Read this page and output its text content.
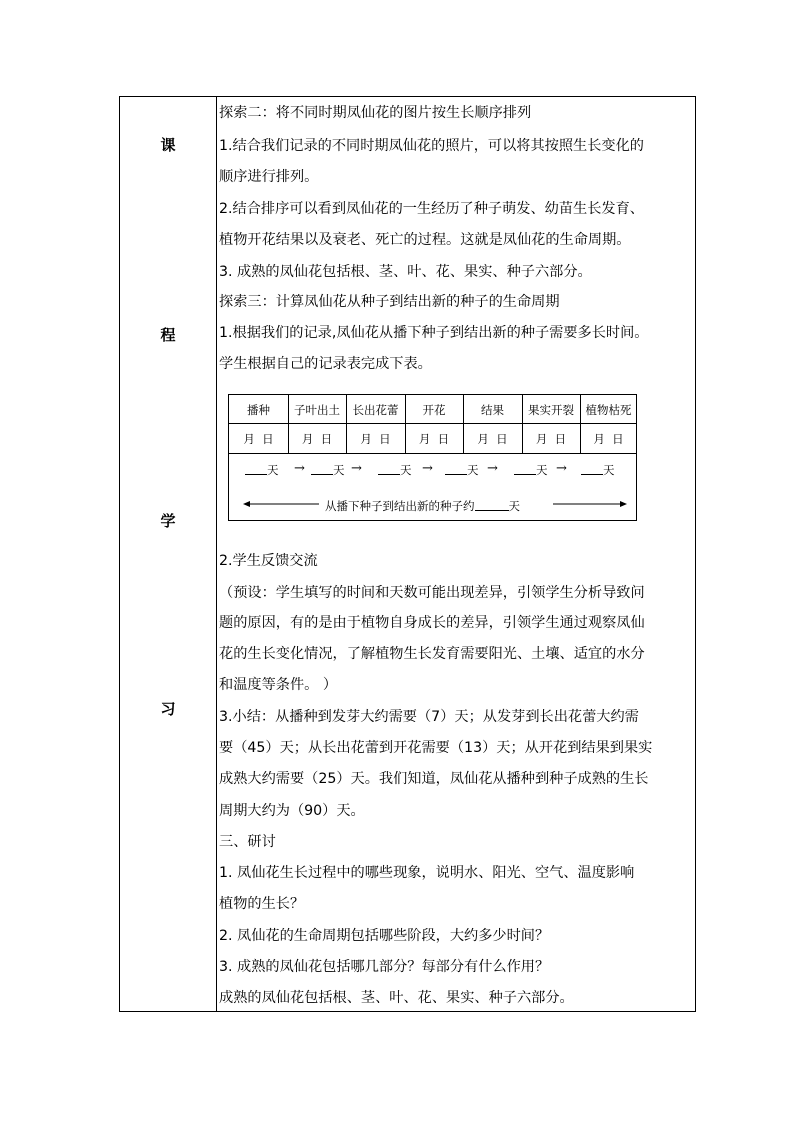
课
程
学
习
探索二：将不同时期凤仙花的图片按生长顺序排列
1.结合我们记录的不同时期凤仙花的照片，可以将其按照生长变化的
顺序进行排列。
2.结合排序可以看到凤仙花的一生经历了种子萌发、幼苗生长发育、
植物开花结果以及衰老、死亡的过程。这就是凤仙花的生命周期。
3. 成熟的凤仙花包括根、茎、叶、花、果实、种子六部分。
探索三：计算凤仙花从种子到结出新的种子的生命周期
1.根据我们的记录,凤仙花从播下种子到结出新的种子需要多长时间。
学生根据自己的记录表完成下表。
播种	子叶出土	长出花蕾	开花	结果	果实开裂	植物枯死
月  日	月  日	月  日	月  日	月  日	月  日	月  日
天 →	天 →	天 →	天 →	天 →	天
从播下种子到结出新的种子约	天
2.学生反馈交流
（预设：学生填写的时间和天数可能出现差异，引领学生分析导致问
题的原因，有的是由于植物自身成长的差异，引领学生通过观察凤仙
花的生长变化情况，了解植物生长发育需要阳光、土壤、适宜的水分
和温度等条件。 ）
3.小结：从播种到发芽大约需要（7）天；从发芽到长出花蕾大约需
要（45）天；从长出花蕾到开花需要（13）天；从开花到结果到果实
成熟大约需要（25）天。我们知道，凤仙花从播种到种子成熟的生长
周期大约为（90）天。
三、研讨
1. 凤仙花生长过程中的哪些现象，说明水、阳光、空气、温度影响
植物的生长？
2. 凤仙花的生命周期包括哪些阶段，大约多少时间？
3. 成熟的凤仙花包括哪几部分？每部分有什么作用？
成熟的凤仙花包括根、茎、叶、花、果实、种子六部分。
